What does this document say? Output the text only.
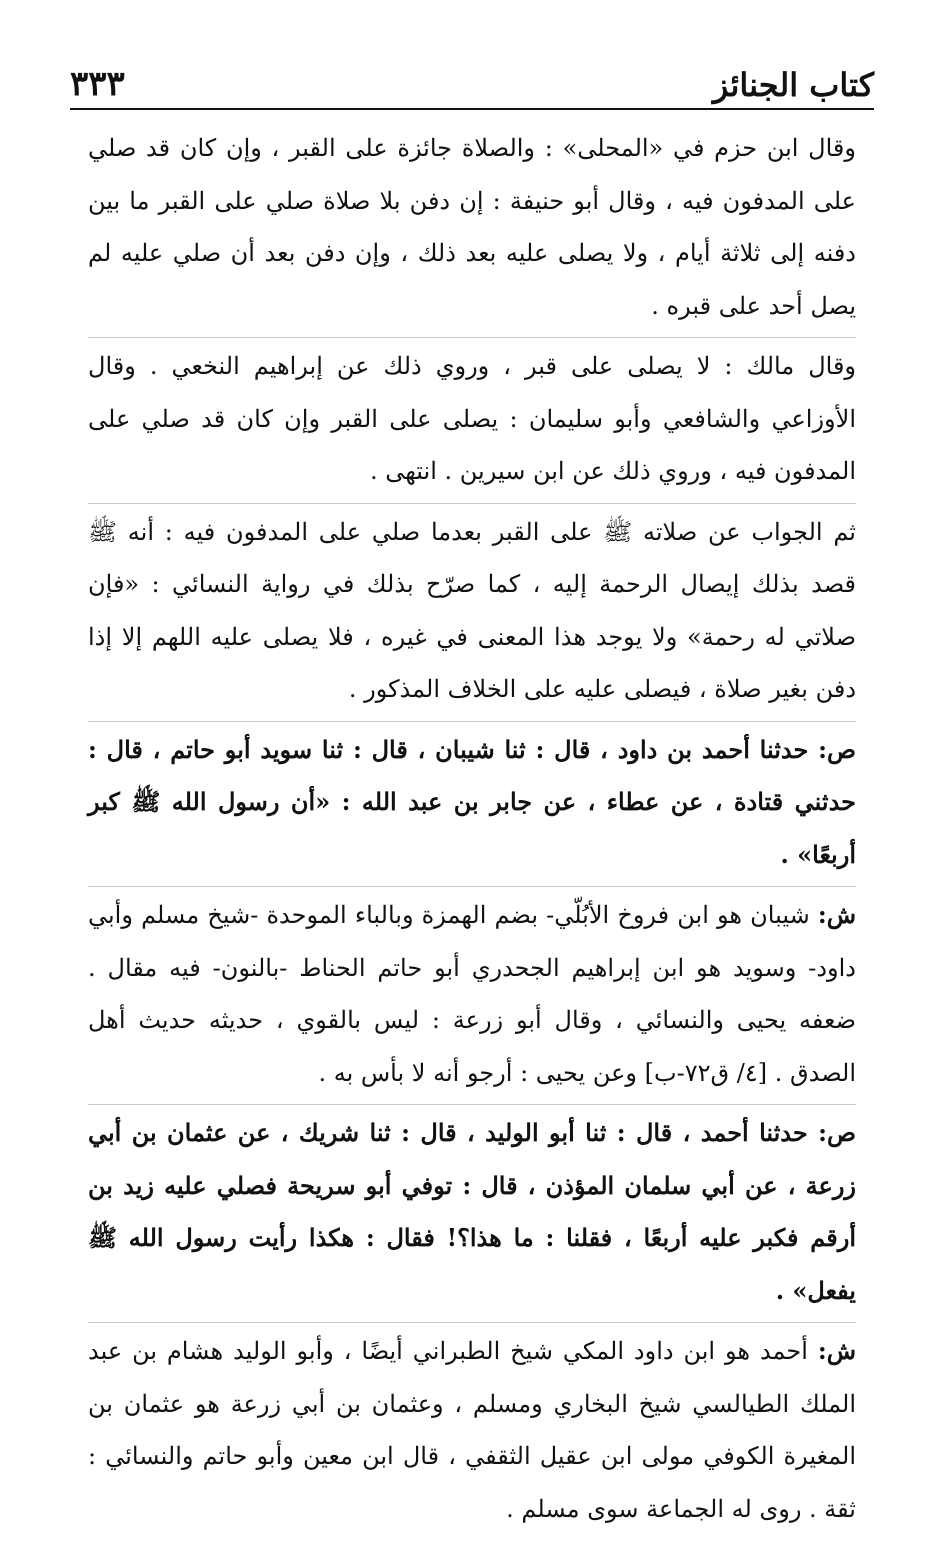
٣٣٣	كتاب الجنائز

وقال ابن حزم في «المحلى» : والصلاة جائزة على القبر ، وإن كان قد صلي على المدفون فيه ، وقال أبو حنيفة : إن دفن بلا صلاة صلي على القبر ما بين دفنه إلى ثلاثة أيام ، ولا يصلى عليه بعد ذلك ، وإن دفن بعد أن صلي عليه لم يصل أحد على قبره .

وقال مالك : لا يصلى على قبر ، وروي ذلك عن إبراهيم النخعي . وقال الأوزاعي والشافعي وأبو سليمان : يصلى على القبر وإن كان قد صلي على المدفون فيه ، وروي ذلك عن ابن سيرين . انتهى .

ثم الجواب عن صلاته ﷺ على القبر بعدما صلي على المدفون فيه : أنه ﷺ قصد بذلك إيصال الرحمة إليه ، كما صرّح بذلك في رواية النسائي : «فإن صلاتي له رحمة» ولا يوجد هذا المعنى في غيره ، فلا يصلى عليه اللهم إلا إذا دفن بغير صلاة ، فيصلى عليه على الخلاف المذكور .

ص: حدثنا أحمد بن داود ، قال : ثنا شيبان ، قال : ثنا سويد أبو حاتم ، قال : حدثني قتادة ، عن عطاء ، عن جابر بن عبد الله : «أن رسول الله ﷺ كبر أربعًا» .

ش: شيبان هو ابن فروخ الأبُلّي- بضم الهمزة وبالباء الموحدة -شيخ مسلم وأبي داود- وسويد هو ابن إبراهيم الجحدري أبو حاتم الحناط -بالنون- فيه مقال . ضعفه يحيى والنسائي ، وقال أبو زرعة : ليس بالقوي ، حديثه حديث أهل الصدق . [٤/ ق٧٢-ب] وعن يحيى : أرجو أنه لا بأس به .

ص: حدثنا أحمد ، قال : ثنا أبو الوليد ، قال : ثنا شريك ، عن عثمان بن أبي زرعة ، عن أبي سلمان المؤذن ، قال : توفي أبو سريحة فصلي عليه زيد بن أرقم فكبر عليه أربعًا ، فقلنا : ما هذا؟! فقال : هكذا رأيت رسول الله ﷺ يفعل» .

ش: أحمد هو ابن داود المكي شيخ الطبراني أيضًا ، وأبو الوليد هشام بن عبد الملك الطيالسي شيخ البخاري ومسلم ، وعثمان بن أبي زرعة هو عثمان بن المغيرة الكوفي مولى ابن عقيل الثقفي ، قال ابن معين وأبو حاتم والنسائي : ثقة . روى له الجماعة سوى مسلم .
